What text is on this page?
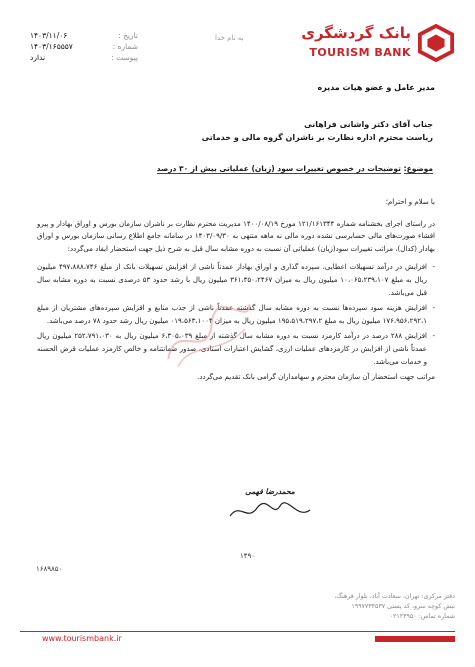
بانک گردشگری
TOURISM BANK
به نام خدا
تاریخ :
۱۴۰۳/۱۱/۰۶
شماره :
۱۴۰۳/۱۶۵۵۵۷
پیوست :
ندارد
مدیر عامل و عضو هیات مدیره
جناب آقای دکتر واشانی فراهانی
ریاست محترم اداره نظارت بر ناشران گروه مالی و خدماتی
موضوع: توضیحات در خصوص تغییرات سود (زیان) عملیاتی بیش از ۳۰ درصد

با سلام و احترام؛

در راستای اجرای بخشنامه شماره ۱۲۱/۱۶۱۳۴۴ مورخ ۱۴۰۰/۰۸/۱۹ مدیریت محترم نظارت بر ناشران سازمان بورس و اوراق بهادار و پیرو افشاء صورت‌های مالی حسابرسی نشده دوره مالی نه ماهه منتهی به ۱۴۰۳/۰۹/۳۰ در سامانه جامع اطلاع رسانی سازمان بورس و اوراق بهادار (کدال)، مراتب تغییرات سود(زیان) عملیاتی آن نسبت به دوره مشابه سال قبل به شرح ذیل جهت استحضار ایفاد می‌گردد:

- افزایش در درآمد تسهیلات اعطایی، سپرده گذاری و اوراق بهادار عمدتاً ناشی از افزایش تسهیلات بانک از مبلغ ۴۹۷،۸۸۸،۷۴۶ میلیون ریال به مبلغ ۱۰،۰۶۵،۲۳۹،۱۰۷ میلیون ریال به میزان ۳۶۱،۳۵۰،۲۴۶۷ میلیون ریال با رشد حدود ۵۳ درصدی نسبت به دوره مشابه سال قبل می‌باشد.
- افزایش هزینه سود سپرده‌ها نسبت به دوره مشابه سال گذشته عمدتاً ناشی از جذب منابع و افزایش سپرده‌های مشتریان از مبلغ ۱۷۶،۹۵۶،۲۹۲،۱ میلیون ریال به مبلغ ۱۹۵،۵۱۹،۲۹۷،۲ میلیون ریال به میزان ۰۱۹،۵۶۳،۱۰۰۴ میلیون ریال رشد حدود ۷۸ درصد می‌باشد.
- افزایش ۲۸۸ درصد در درآمد کارمزد نسبت به دوره مشابه سال گذشته از مبلغ ۶،۳۰۵،۰۳۹ میلیون ریال به ۲۵۲،۷۹۱،۰۳۰ میلیون ریال عمدتاً ناشی از افزایش در کارمزدهای عملیات ارزی، گشایش اعتبارات اسنادی، صدور ضمانتنامه و خالص کارمزد عملیات قرض الحسنه و خدمات می‌باشد.

مراتب جهت استحضار آن سازمان محترم و سهامداران گرامی بانک تقدیم می‌گردد.

محمدرضا فهمی
۱۴۹۰
۱۶۸۹۸۵۰
دفتر مرکزی: تهران، سعادت آباد، بلوار فرهنگ،
نبش کوچه سرو، کد پستی ۱۹۹۷۷۳۴۵۳۷
شماره تماس: ۰۲۱۲۳۹۵۰
www.tourismbank.ir
